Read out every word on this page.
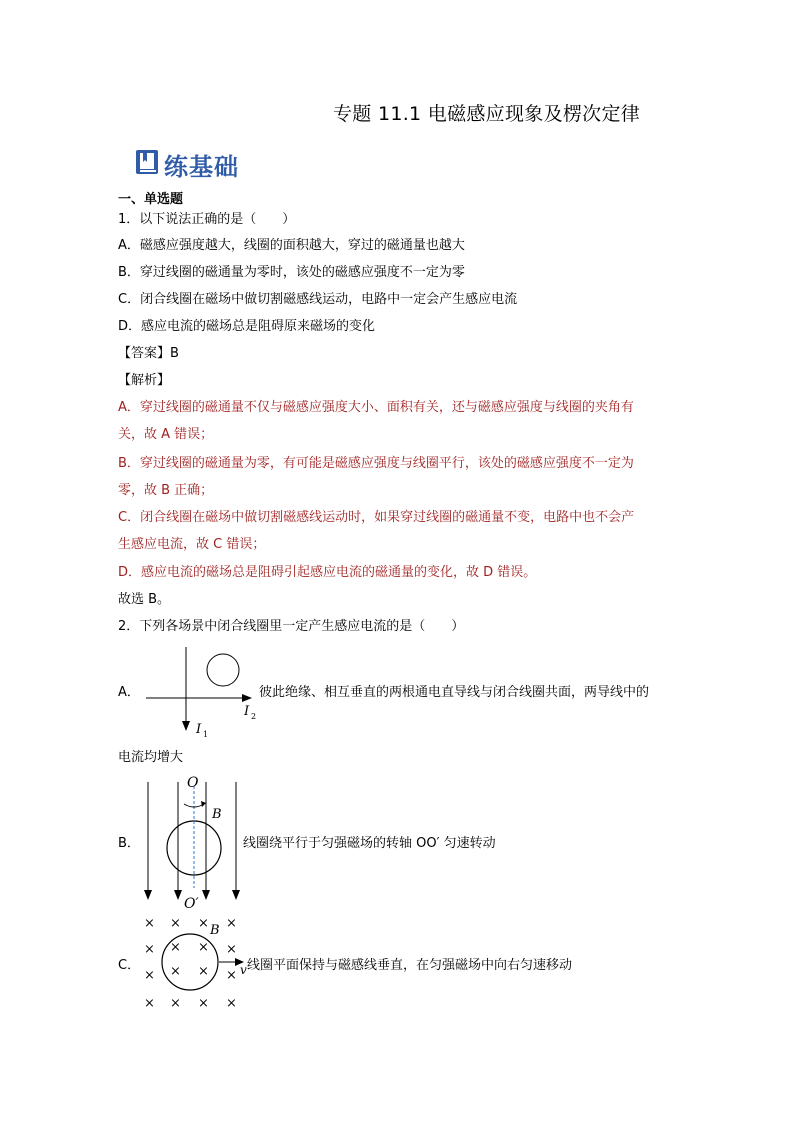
专题 11.1 电磁感应现象及楞次定律
练基础
一、单选题
1．以下说法正确的是（　　）
A．磁感应强度越大，线圈的面积越大，穿过的磁通量也越大
B．穿过线圈的磁通量为零时，该处的磁感应强度不一定为零
C．闭合线圈在磁场中做切割磁感线运动，电路中一定会产生感应电流
D．感应电流的磁场总是阻碍原来磁场的变化
【答案】B
【解析】
A．穿过线圈的磁通量不仅与磁感应强度大小、面积有关，还与磁感应强度与线圈的夹角有
关，故 A 错误；
B．穿过线圈的磁通量为零，有可能是磁感应强度与线圈平行，该处的磁感应强度不一定为
零，故 B 正确；
C．闭合线圈在磁场中做切割磁感线运动时，如果穿过线圈的磁通量不变，电路中也不会产
生感应电流，故 C 错误；
D．感应电流的磁场总是阻碍引起感应电流的磁通量的变化，故 D 错误。
故选 B。
2．下列各场景中闭合线圈里一定产生感应电流的是（　　）
A．
I 1
I 2
彼此绝缘、相互垂直的两根通电直导线与闭合线圈共面，两导线中的
电流均增大
B．
O
O′
B
线圈绕平行于匀强磁场的转轴 OO′ 匀速转动
C．
× × × ×
× × × ×
× × × ×
× × × ×
B
v 线圈平面保持与磁感线垂直，在匀强磁场中向右匀速移动
